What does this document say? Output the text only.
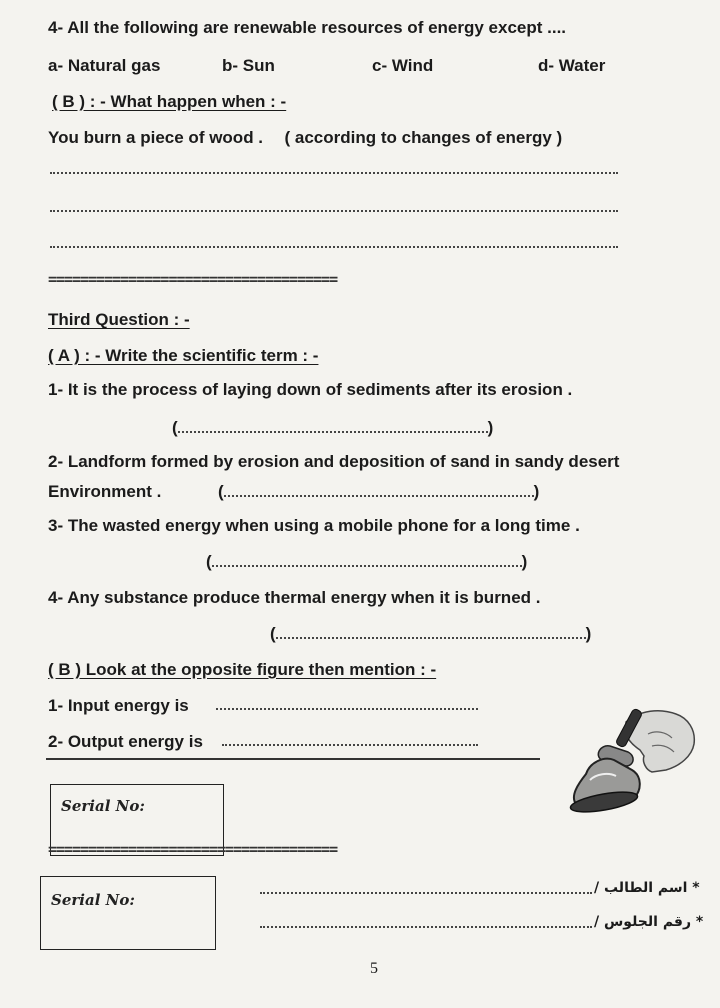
4- All the following are renewable resources of energy except ....
a- Natural gas	b- Sun	c- Wind	d- Water
( B ) : - What happen when : -
You burn a piece of wood . ( according to changes of energy )
====================================
Third Question : -
( A ) : - Write the scientific term : -
1- It is the process of laying down of sediments after its erosion .
(	)
2- Landform formed by erosion and deposition of sand in sandy desert
Environment .	(	)
3- The wasted energy when using a mobile phone for a long time .
(	)
4- Any substance produce thermal energy when it is burned .
(	)
( B ) Look at the opposite figure then mention : -
1- Input energy is
2- Output energy is
Serial No:
====================================
Serial No:
* اسم الطالب /
* رقم الجلوس /
5
